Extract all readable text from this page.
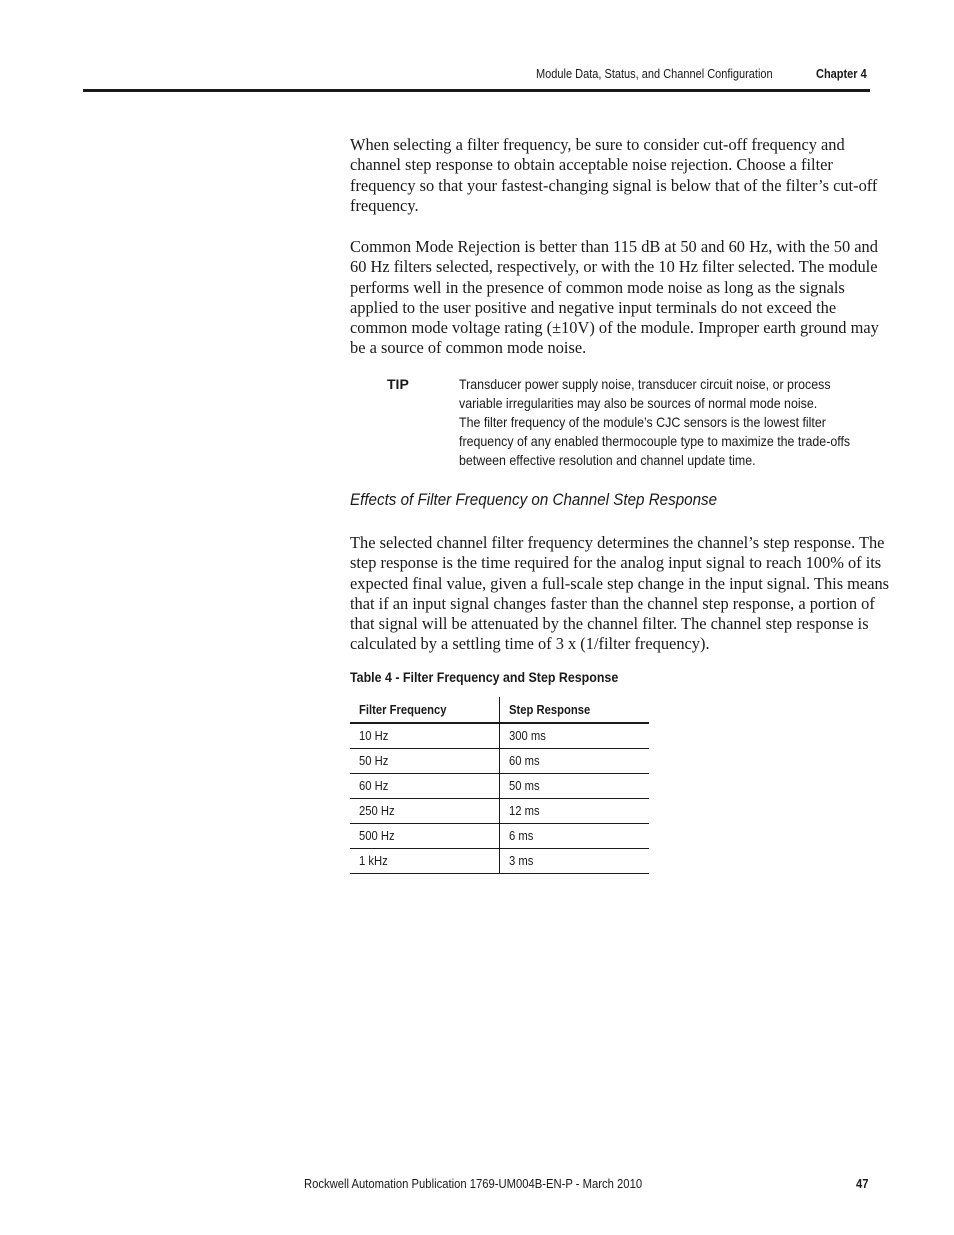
Module Data, Status, and Channel Configuration	Chapter 4
When selecting a filter frequency, be sure to consider cut-off frequency and
channel step response to obtain acceptable noise rejection. Choose a filter
frequency so that your fastest-changing signal is below that of the filter’s cut-off
frequency.
Common Mode Rejection is better than 115 dB at 50 and 60 Hz, with the 50 and
60 Hz filters selected, respectively, or with the 10 Hz filter selected. The module
performs well in the presence of common mode noise as long as the signals
applied to the user positive and negative input terminals do not exceed the
common mode voltage rating (±10V) of the module. Improper earth ground may
be a source of common mode noise.
TIP	Transducer power supply noise, transducer circuit noise, or process
variable irregularities may also be sources of normal mode noise.
The filter frequency of the module’s CJC sensors is the lowest filter
frequency of any enabled thermocouple type to maximize the trade-offs
between effective resolution and channel update time.
Effects of Filter Frequency on Channel Step Response
The selected channel filter frequency determines the channel’s step response. The
step response is the time required for the analog input signal to reach 100% of its
expected final value, given a full-scale step change in the input signal. This means
that if an input signal changes faster than the channel step response, a portion of
that signal will be attenuated by the channel filter. The channel step response is
calculated by a settling time of 3 x (1/filter frequency).
Table 4 - Filter Frequency and Step Response
Filter Frequency	Step Response
10 Hz	300 ms
50 Hz	60 ms
60 Hz	50 ms
250 Hz	12 ms
500 Hz	6 ms
1 kHz	3 ms
Rockwell Automation Publication 1769-UM004B-EN-P - March 2010	47
